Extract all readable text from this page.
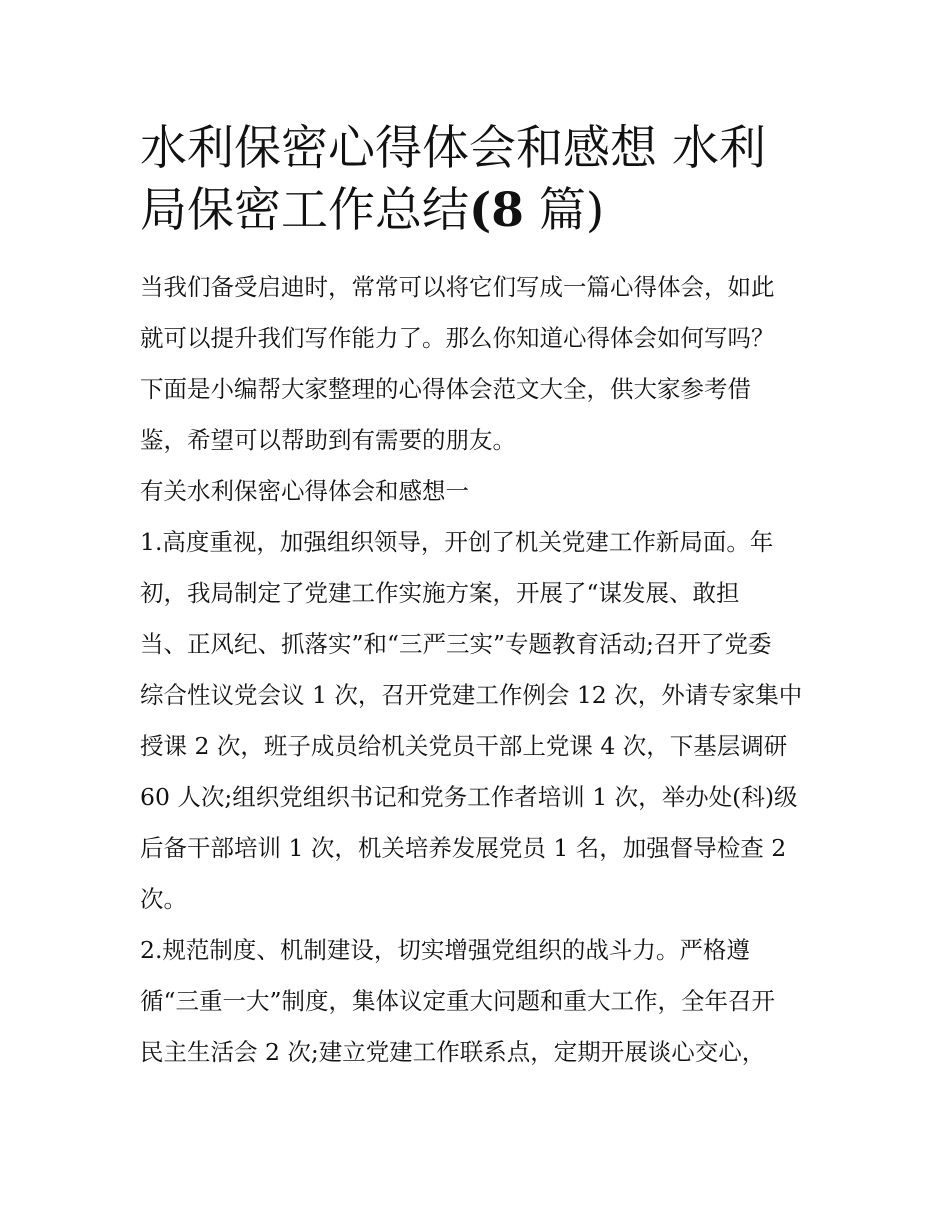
水利保密心得体会和感想 水利
局保密工作总结(8 篇)

当我们备受启迪时，常常可以将它们写成一篇心得体会，如此

就可以提升我们写作能力了。那么你知道心得体会如何写吗？

下面是小编帮大家整理的心得体会范文大全，供大家参考借

鉴，希望可以帮助到有需要的朋友。

有关水利保密心得体会和感想一

1.高度重视，加强组织领导，开创了机关党建工作新局面。年

初，我局制定了党建工作实施方案，开展了“谋发展、敢担

当、正风纪、抓落实”和“三严三实”专题教育活动;召开了党委

综合性议党会议 1 次，召开党建工作例会 12 次，外请专家集中

授课 2 次，班子成员给机关党员干部上党课 4 次，下基层调研

60 人次;组织党组织书记和党务工作者培训 1 次，举办处(科)级

后备干部培训 1 次，机关培养发展党员 1 名，加强督导检查 2

次。

2.规范制度、机制建设，切实增强党组织的战斗力。严格遵

循“三重一大”制度，集体议定重大问题和重大工作，全年召开

民主生活会 2 次;建立党建工作联系点，定期开展谈心交心，
